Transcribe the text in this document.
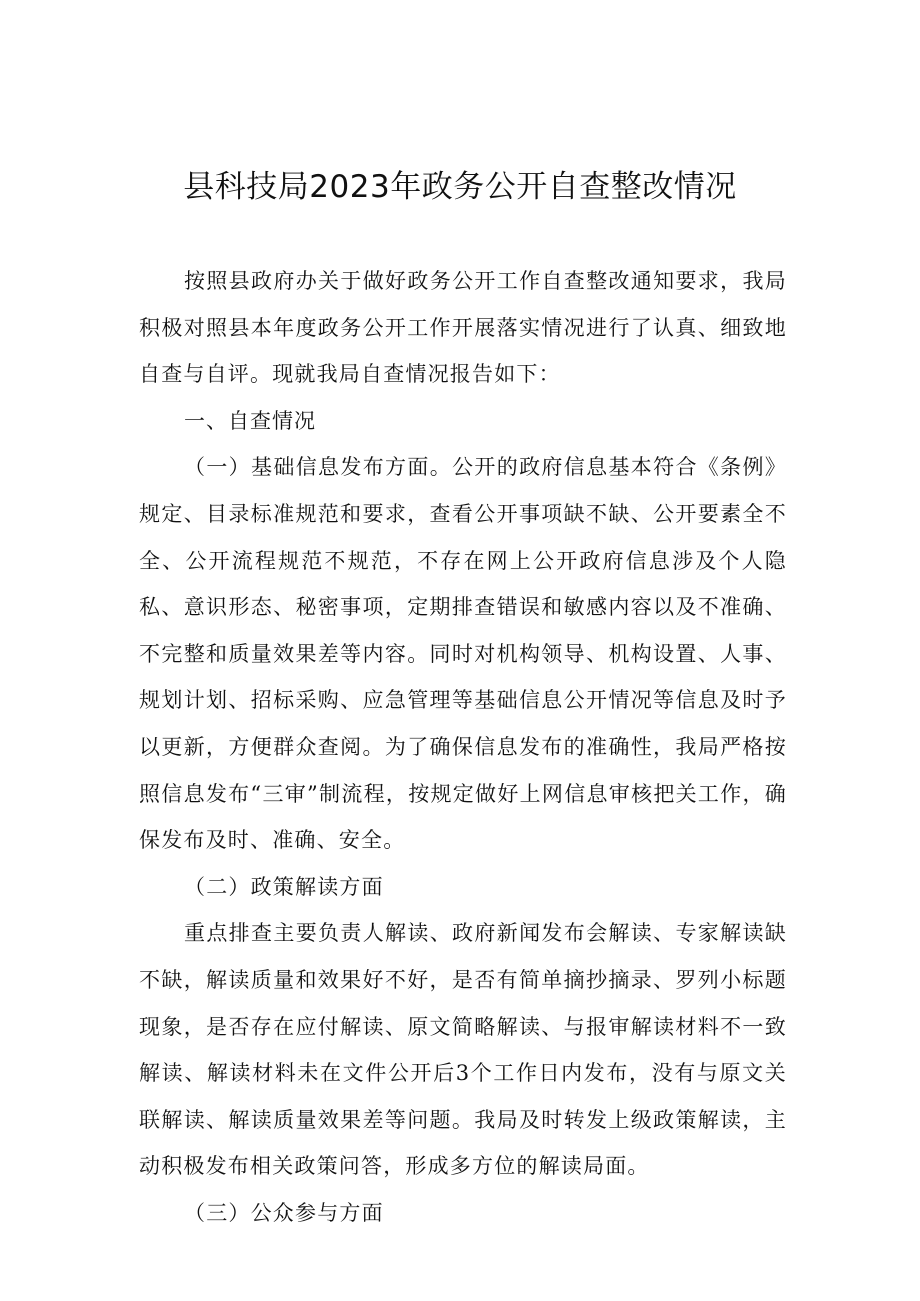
县科技局2023年政务公开自查整改情况

按照县政府办关于做好政务公开工作自查整改通知要求，我局积极对照县本年度政务公开工作开展落实情况进行了认真、细致地自查与自评。现就我局自查情况报告如下：

一、自查情况

（一）基础信息发布方面。公开的政府信息基本符合《条例》规定、目录标准规范和要求，查看公开事项缺不缺、公开要素全不全、公开流程规范不规范，不存在网上公开政府信息涉及个人隐私、意识形态、秘密事项，定期排查错误和敏感内容以及不准确、不完整和质量效果差等内容。同时对机构领导、机构设置、人事、规划计划、招标采购、应急管理等基础信息公开情况等信息及时予以更新，方便群众查阅。为了确保信息发布的准确性，我局严格按照信息发布“三审”制流程，按规定做好上网信息审核把关工作，确保发布及时、准确、安全。

（二）政策解读方面

重点排查主要负责人解读、政府新闻发布会解读、专家解读缺不缺，解读质量和效果好不好，是否有简单摘抄摘录、罗列小标题现象，是否存在应付解读、原文简略解读、与报审解读材料不一致解读、解读材料未在文件公开后3个工作日内发布，没有与原文关联解读、解读质量效果差等问题。我局及时转发上级政策解读，主动积极发布相关政策问答，形成多方位的解读局面。

（三）公众参与方面
